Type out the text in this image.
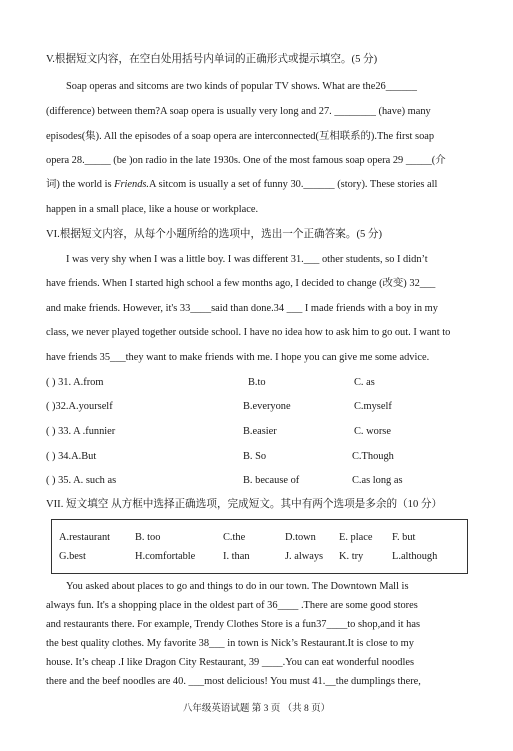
V.根据短文内容，在空白处用括号内单词的正确形式或提示填空。(5 分)
Soap operas and sitcoms are two kinds of popular TV shows. What are the26______
(difference) between them?A soap opera is usually very long and 27. ________ (have) many
episodes(集). All the episodes of a soap opera are interconnected(互相联系的).The first soap
opera 28._____ (be )on radio in the late 1930s. One of the most famous soap opera 29 _____(介
词) the world is Friends.A sitcom is usually a set of funny 30.______ (story). These stories all
happen in a small place, like a house or workplace.
VI.根据短文内容，从每个小题所给的选项中，选出一个正确答案。(5 分)
I was very shy when I was a little boy. I was different 31.___ other students, so I didn’t
have friends. When I started high school a few months ago, I decided to change (改变) 32___
and make friends. However, it's 33____said than done.34 ___ I made friends with a boy in my
class, we never played together outside school. I have no idea how to ask him to go out. I want to
have friends 35___they want to make friends with me. I hope you can give me some advice.
( ) 31. A.from	B.to	C. as
( )32.A.yourself	B.everyone	C.myself
( ) 33. A .funnier	B.easier	C. worse
( ) 34.A.But	B. So	C.Though
( ) 35. A. such as	B. because of	C.as long as
VII. 短文填空 从方框中选择正确选项，完成短文。其中有两个选项是多余的（10 分）
A.restaurant B. too	C.the	D.town E. place F. but
G.best	H.comfortable	I. than	J. always K. try	L.although
You asked about places to go and things to do in our town. The Downtown Mall is
always fun. It's a shopping place in the oldest part of 36____ .There are some good stores
and restaurants there. For example, Trendy Clothes Store is a fun37____to shop,and it has
the best quality clothes. My favorite 38___ in town is Nick’s Restaurant.It is close to my
house. It’s cheap .I like Dragon City Restaurant, 39 ____.You can eat wonderful noodles
there and the beef noodles are 40. ___most delicious! You must 41.__the dumplings there,
八年级英语试题 第 3 页 （共 8 页）
